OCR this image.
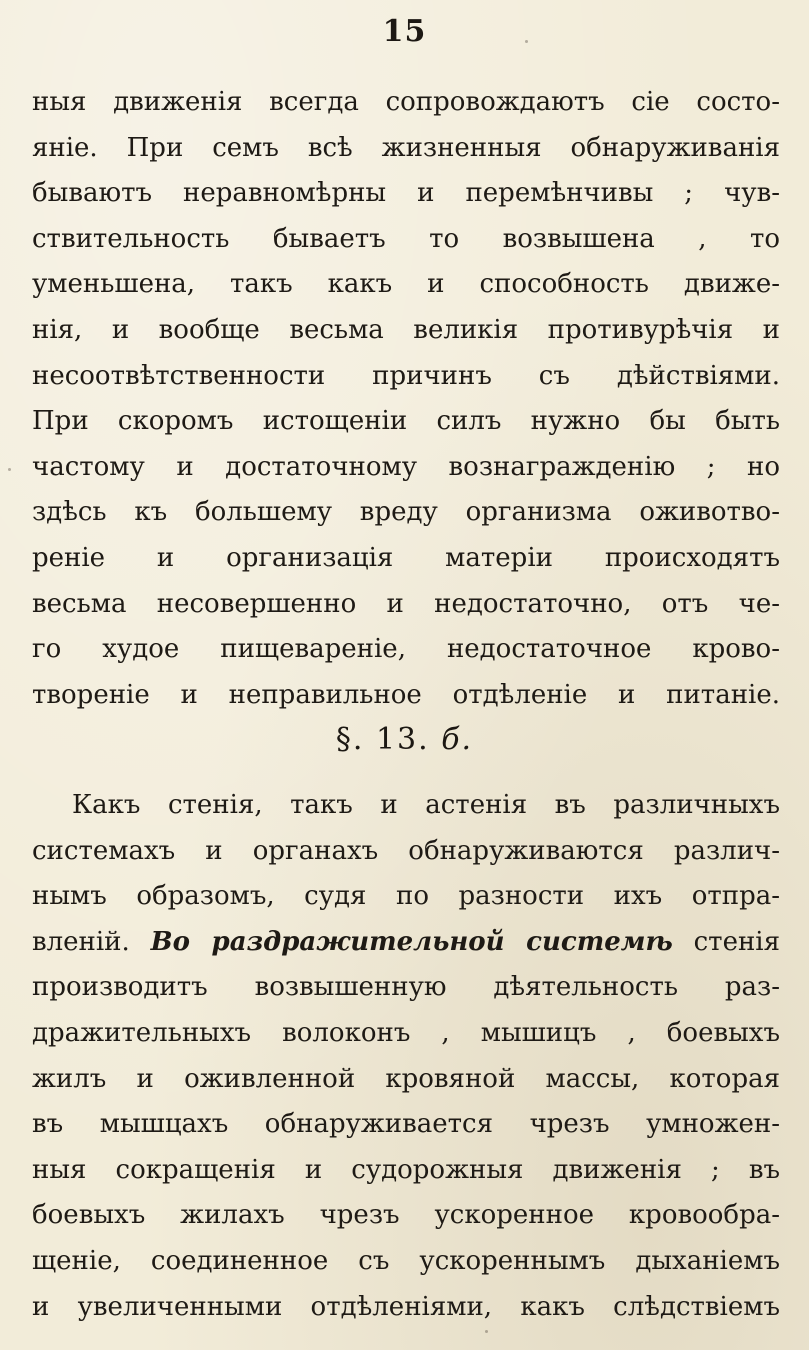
15
ныя движенія всегда сопровождаютъ сіе состо-
яніе. При семъ всѣ жизненныя обнаруживанія
бываютъ неравномѣрны и перемѣнчивы ; чув-
ствительность бываетъ то возвышена , то
уменьшена, такъ какъ и способность движе-
нія, и вообще весьма великія противурѣчія и
несоотвѣтственности причинъ съ дѣйствіями.
При скоромъ истощеніи силъ нужно бы быть
частому и достаточному вознагражденію ; но
здѣсь къ большему вреду организма оживотво-
реніе и организація матеріи происходятъ
весьма несовершенно и недостаточно, отъ че-
го худое пищевареніе, недостаточное крово-
твореніе и неправильное отдѣленіе и питаніе.
§. 13. б.
Какъ стенія, такъ и астенія въ различныхъ
системахъ и органахъ обнаруживаются различ-
нымъ образомъ, судя по разности ихъ отпра-
вленій. Во раздражительной системѣ стенія
производитъ возвышенную дѣятельность раз-
дражительныхъ волоконъ , мышицъ , боевыхъ
жилъ и оживленной кровяной массы, которая
въ мышцахъ обнаруживается чрезъ умножен-
ныя сокращенія и судорожныя движенія ; въ
боевыхъ жилахъ чрезъ ускоренное кровообра-
щеніе, соединенное съ ускореннымъ дыханіемъ
и увеличенными отдѣленіями, какъ слѣдствіемъ
